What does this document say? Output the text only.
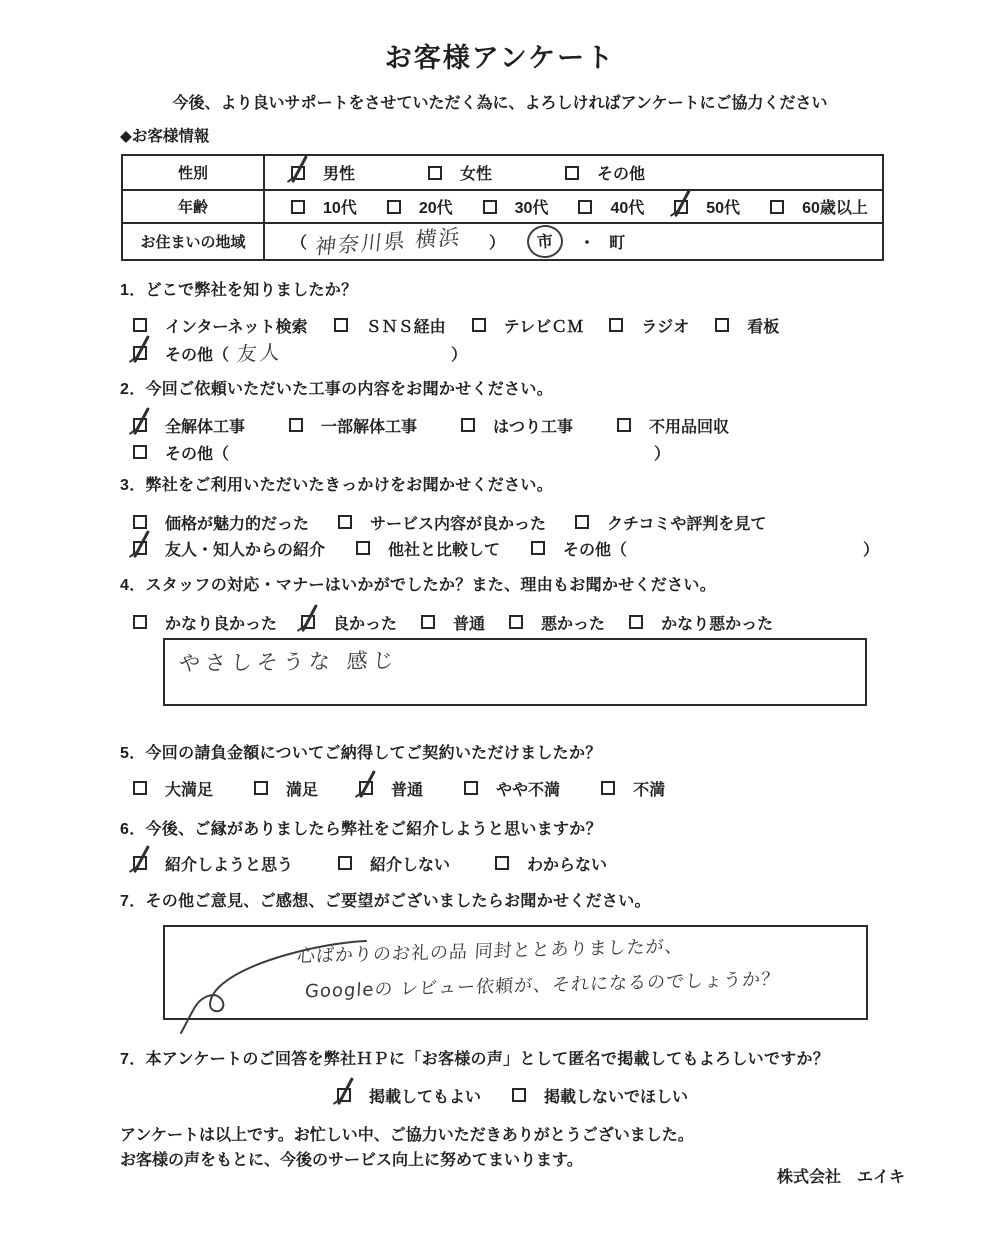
お客様アンケート
今後、より良いサポートをさせていただく為に、よろしければアンケートにご協力ください
◆お客様情報
性別	男性	女性	その他
年齢	10代	20代	30代	40代	50代	60歳以上
お住まいの地域	（ 神奈川県 横浜 ）	市	・ 町
1．どこで弊社を知りましたか？
インターネット検索	ＳＮＳ経由	テレビＣＭ	ラジオ	看板
その他（ 友人	）
2．今回ご依頼いただいた工事の内容をお聞かせください。
全解体工事	一部解体工事	はつり工事	不用品回収
その他（	）
3．弊社をご利用いただいたきっかけをお聞かせください。
価格が魅力的だった	サービス内容が良かった	クチコミや評判を見て
友人・知人からの紹介	他社と比較して	その他（	）
4．スタッフの対応・マナーはいかがでしたか？また、理由もお聞かせください。
かなり良かった	良かった	普通	悪かった	かなり悪かった
やさしそうな 感じ
5．今回の請負金額についてご納得してご契約いただけましたか？
大満足	満足	普通	やや不満	不満
6．今後、ご縁がありましたら弊社をご紹介しようと思いますか？
紹介しようと思う	紹介しない	わからない
7．その他ご意見、ご感想、ご要望がございましたらお聞かせください。
心ばかりのお礼の品 同封ととありましたが、
Googleの レビュー依頼が、それになるのでしょうか？
7．本アンケートのご回答を弊社ＨＰに「お客様の声」として匿名で掲載してもよろしいですか？
掲載してもよい	掲載しないでほしい
アンケートは以上です。お忙しい中、ご協力いただきありがとうございました。
お客様の声をもとに、今後のサービス向上に努めてまいります。
株式会社　エイキ
